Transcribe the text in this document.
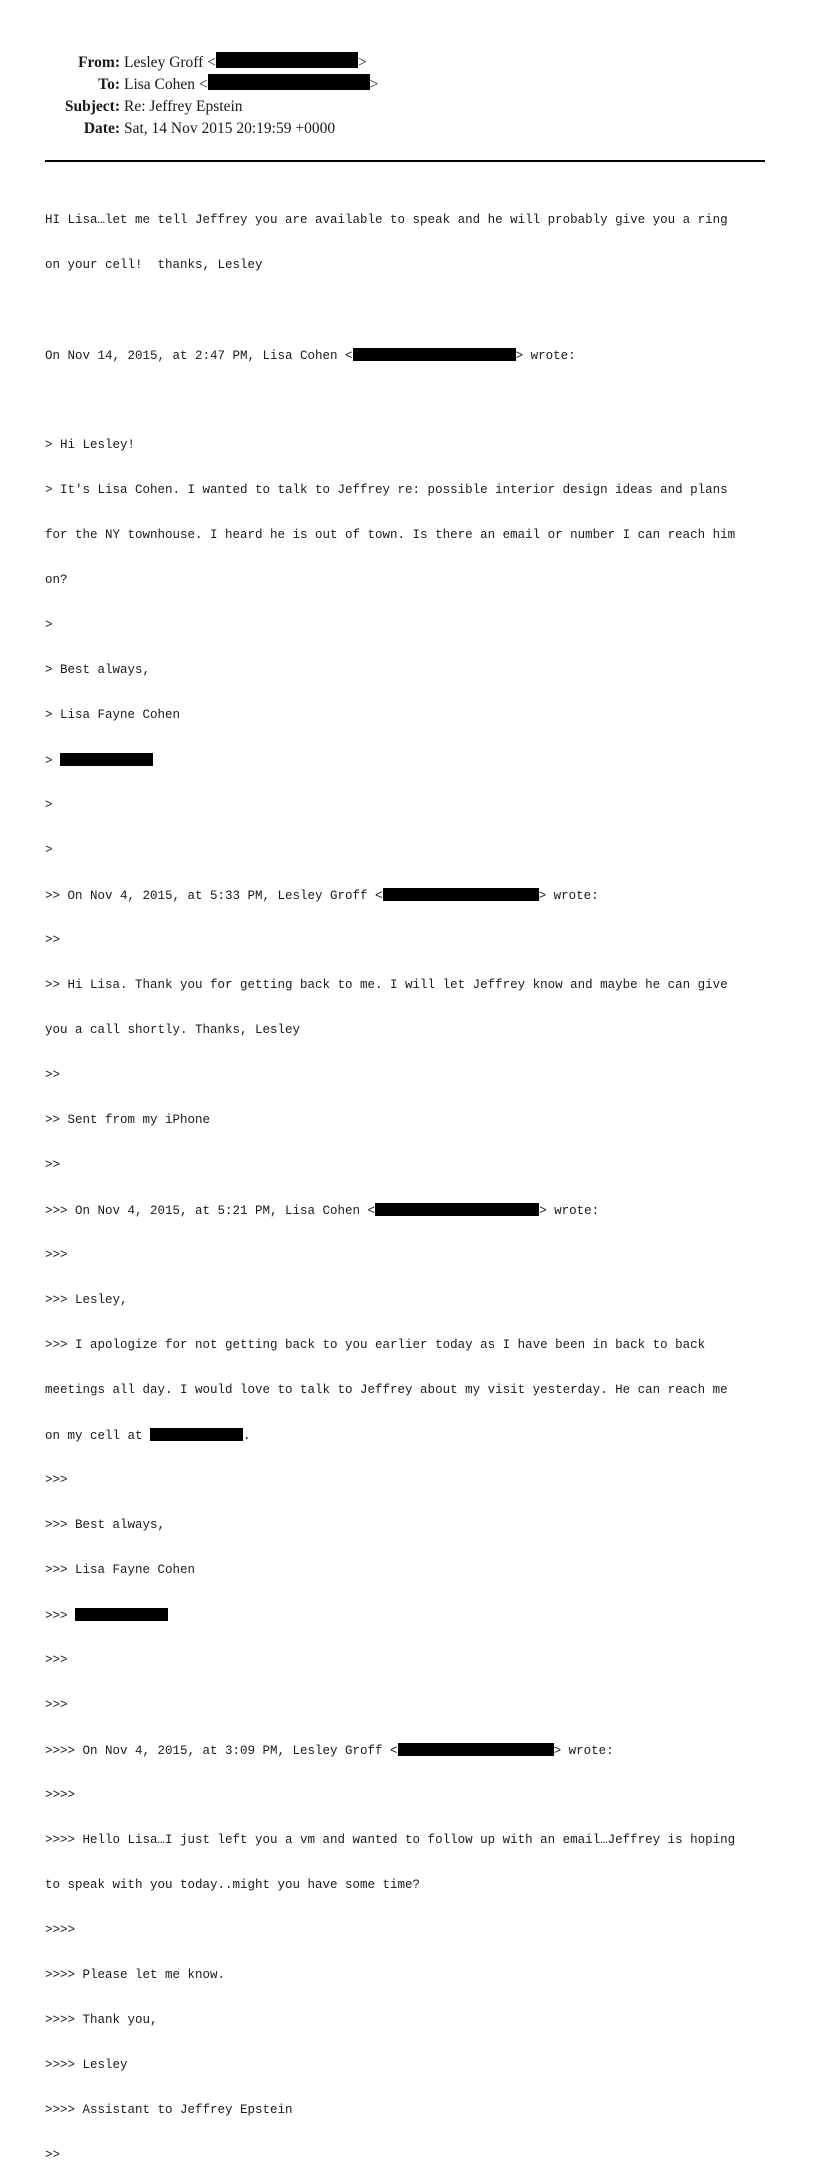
From: Lesley Groff <	>
To: Lisa Cohen <	>
Subject: Re: Jeffrey Epstein
Date: Sat, 14 Nov 2015 20:19:59 +0000

HI Lisa…let me tell Jeffrey you are available to speak and he will probably give you a ring

on your cell!  thanks, Lesley

On Nov 14, 2015, at 2:47 PM, Lisa Cohen <	> wrote:

> Hi Lesley!

> It's Lisa Cohen. I wanted to talk to Jeffrey re: possible interior design ideas and plans

for the NY townhouse. I heard he is out of town. Is there an email or number I can reach him

on?

>

> Best always,

> Lisa Fayne Cohen

>

>

>

>> On Nov 4, 2015, at 5:33 PM, Lesley Groff <	> wrote:

>>

>> Hi Lisa. Thank you for getting back to me. I will let Jeffrey know and maybe he can give

you a call shortly. Thanks, Lesley

>>

>> Sent from my iPhone

>>

>>> On Nov 4, 2015, at 5:21 PM, Lisa Cohen <	> wrote:

>>>

>>> Lesley,

>>> I apologize for not getting back to you earlier today as I have been in back to back

meetings all day. I would love to talk to Jeffrey about my visit yesterday. He can reach me

on my cell at	.

>>>

>>> Best always,

>>> Lisa Fayne Cohen

>>>

>>>

>>>

>>>> On Nov 4, 2015, at 3:09 PM, Lesley Groff <	> wrote:

>>>>

>>>> Hello Lisa…I just left you a vm and wanted to follow up with an email…Jeffrey is hoping

to speak with you today..might you have some time?

>>>>

>>>> Please let me know.

>>>> Thank you,

>>>> Lesley

>>>> Assistant to Jeffrey Epstein

>>
